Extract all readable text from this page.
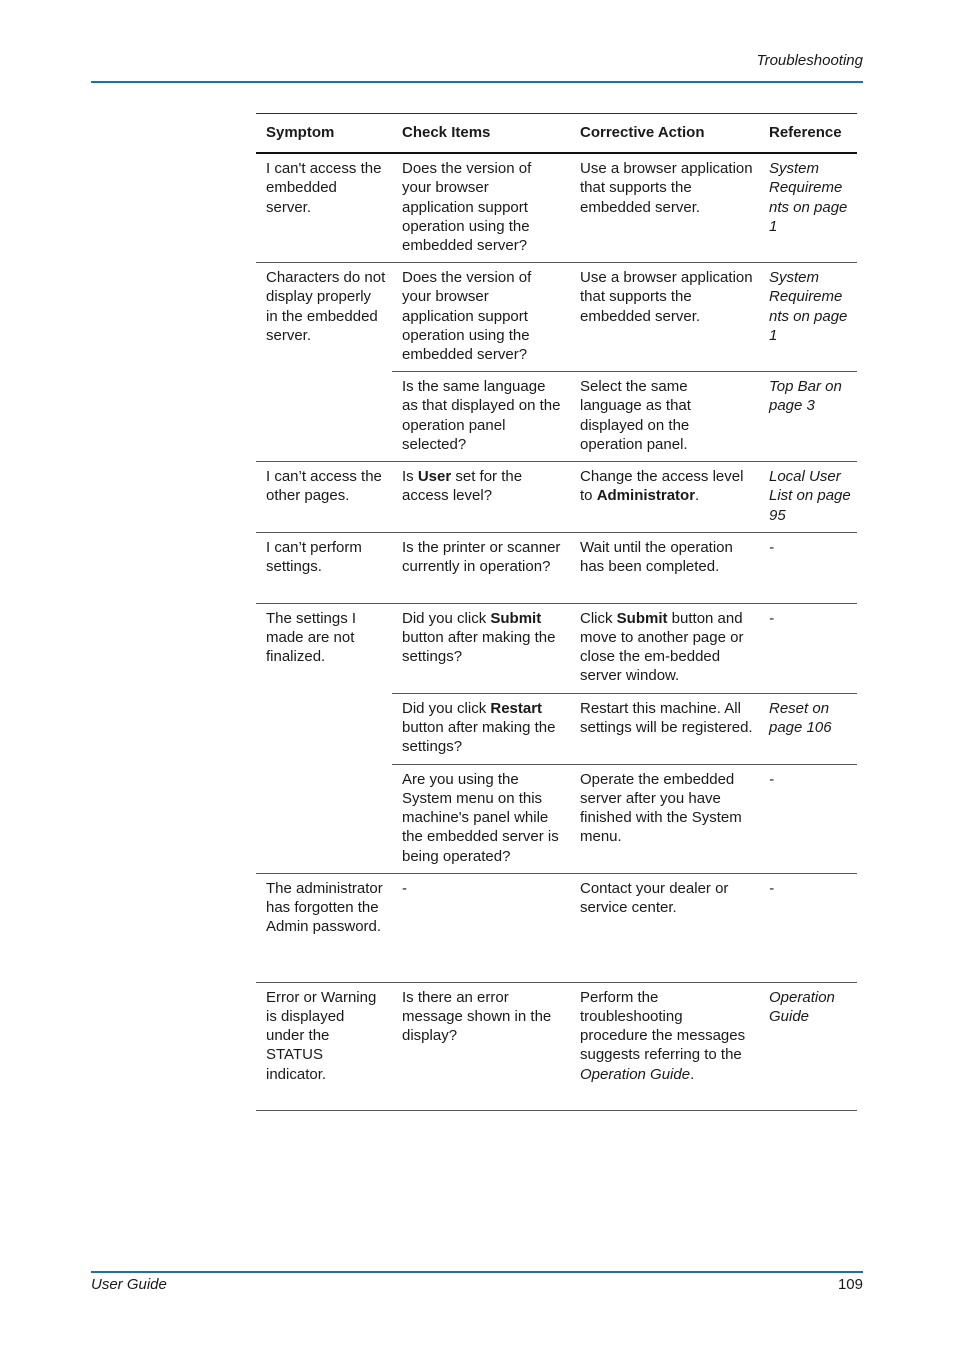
Troubleshooting
Symptom	Check Items	Corrective Action	Reference
I can't access the embedded server.	Does the version of your browser application support operation using the embedded server?	Use a browser application that supports the embedded server.	System Requireme nts on page 1
Characters do not display properly in the embedded server.	Does the version of your browser application support operation using the embedded server?	Use a browser application that supports the embedded server.	System Requireme nts on page 1
	Is the same language as that displayed on the operation panel selected?	Select the same language as that displayed on the operation panel.	Top Bar on page 3
I can’t access the other pages.	Is User set for the access level?	Change the access level to Administrator.	Local User List on page 95
I can’t perform settings.	Is the printer or scanner currently in operation?	Wait until the operation has been completed.	-
The settings I made are not finalized.	Did you click Submit button after making the settings?	Click Submit button and move to another page or close the em-bedded server window.	-
	Did you click Restart button after making the settings?	Restart this machine. All settings will be registered.	Reset on page 106
	Are you using the System menu on this machine's panel while the embedded server is being operated?	Operate the embedded server after you have finished with the System menu.	-
The administrator has forgotten the Admin password.	-	Contact your dealer or service center.	-
Error or Warning is displayed under the STATUS indicator.	Is there an error message shown in the display?	Perform the troubleshooting procedure the messages suggests referring to the Operation Guide.	Operation Guide
User Guide	109
